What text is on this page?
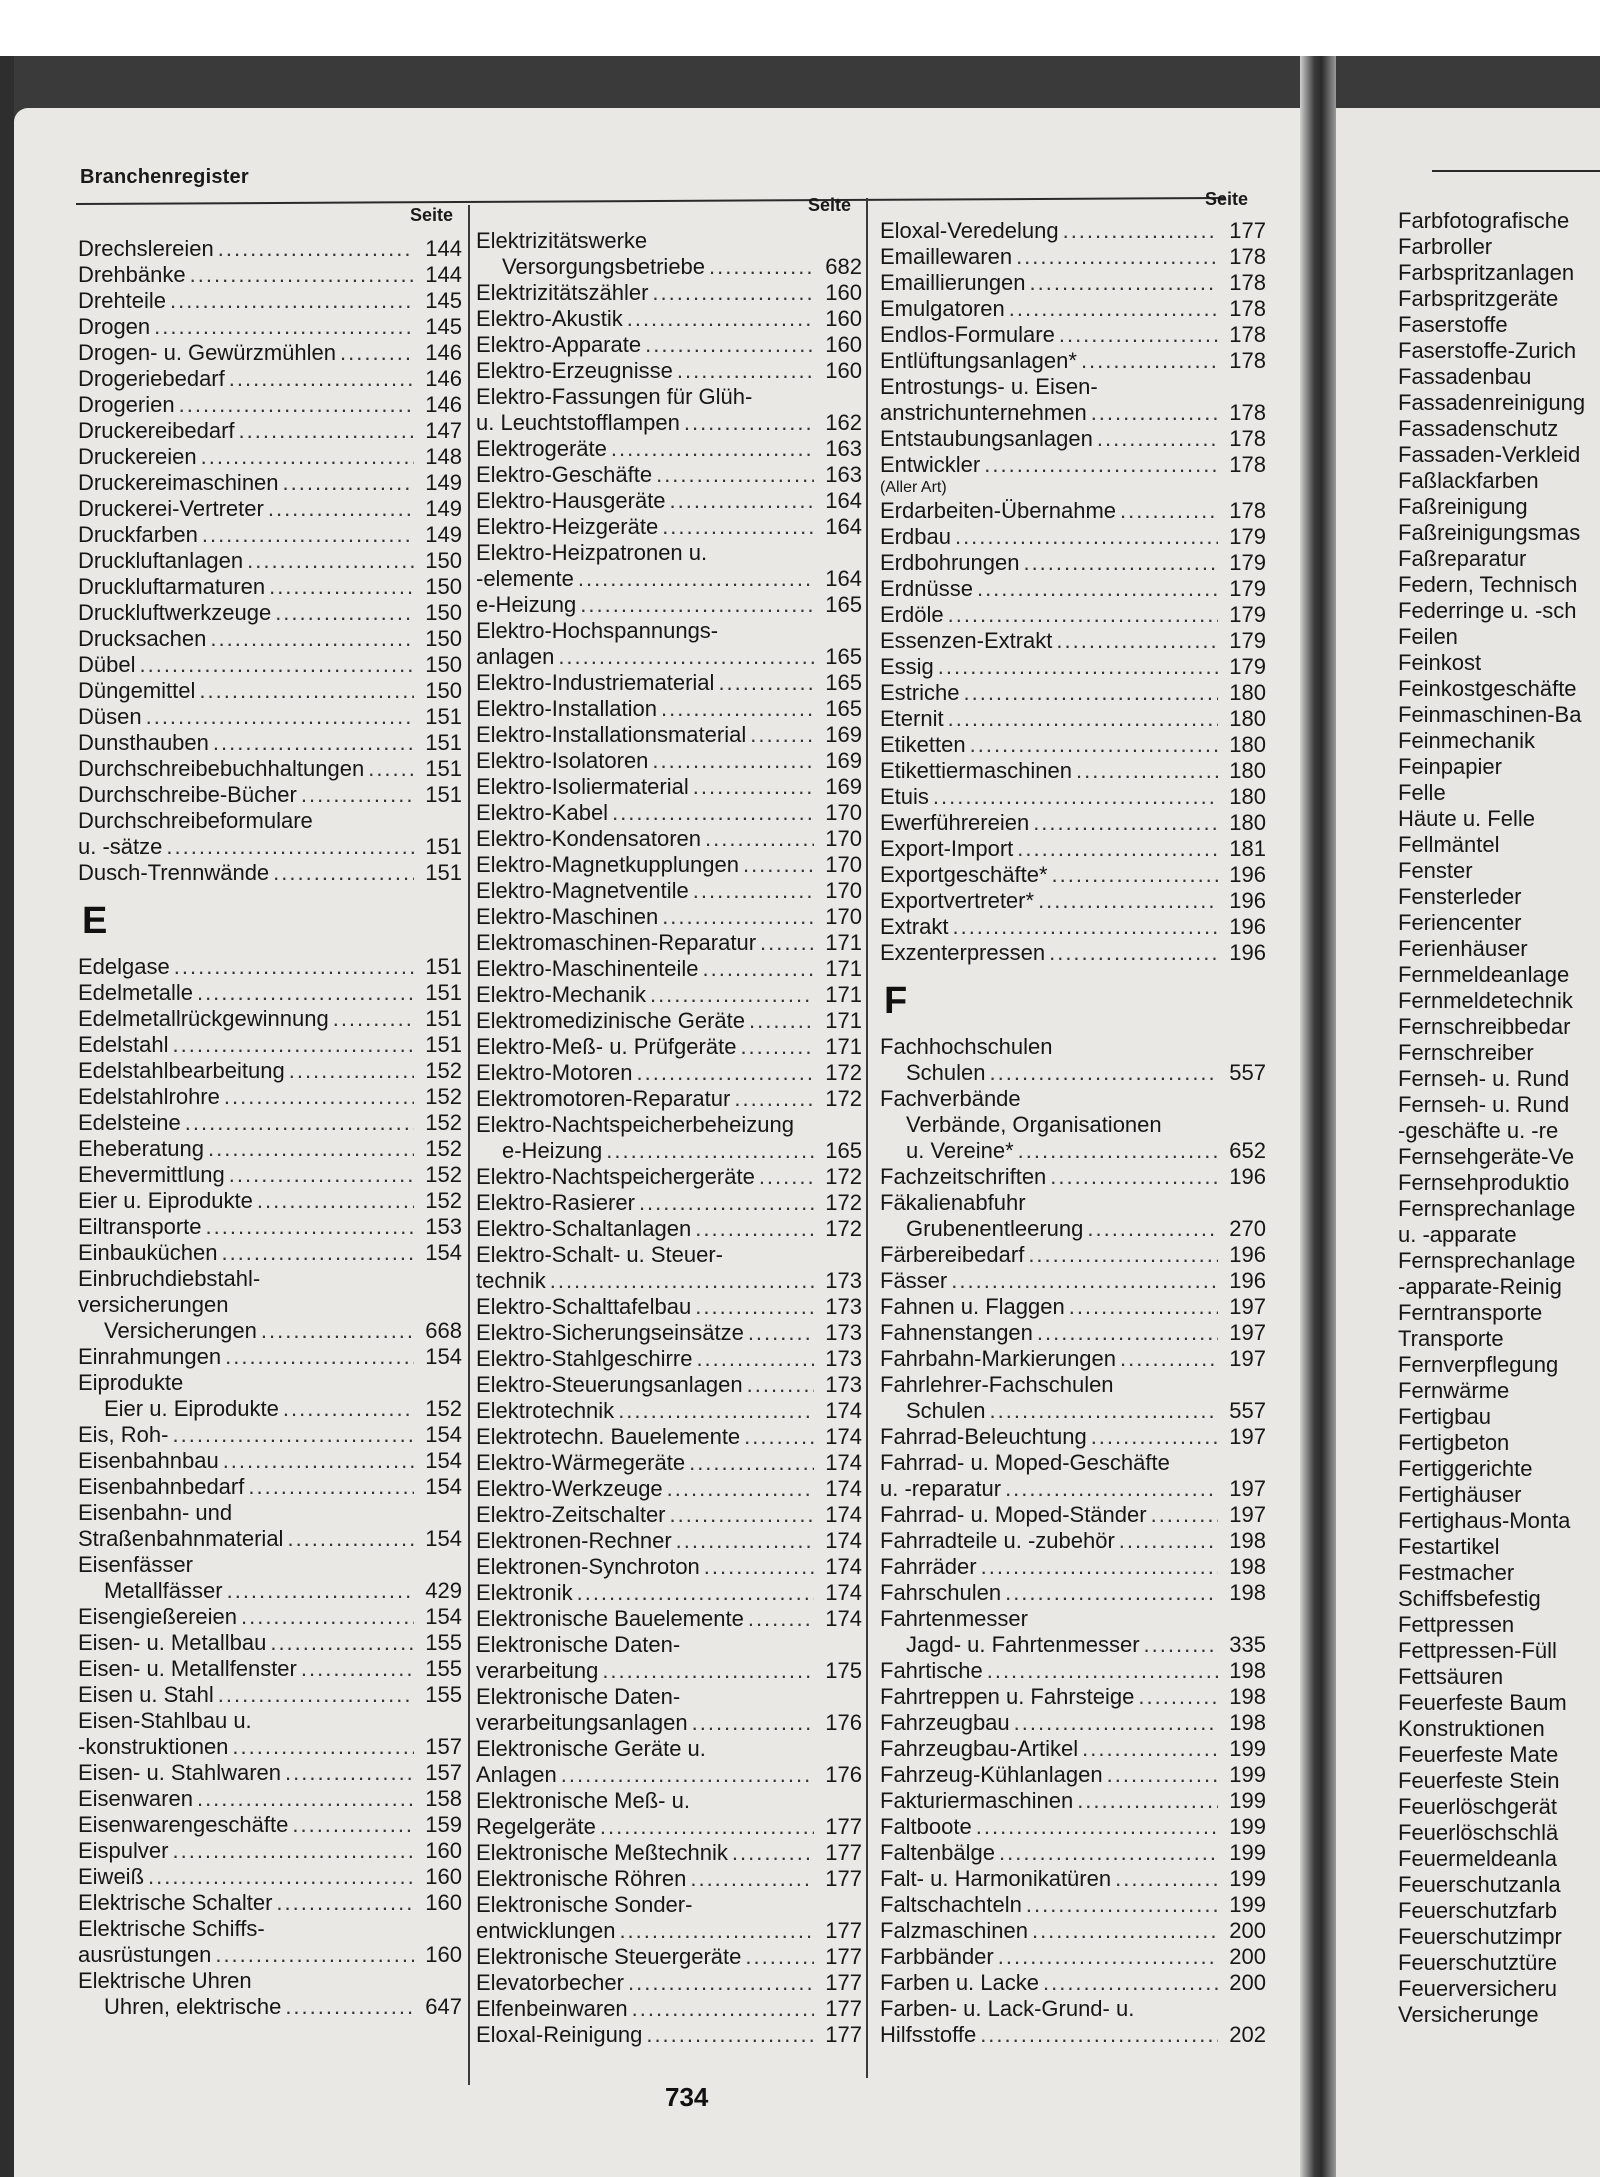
Branchenregister
Seite	Seite	Seite
Drechslereien .....	144
Drehbänke .....	144
Drehteile .....	145
Drogen .....	145
Drogen- u. Gewürzmühlen .....	146
Drogeriebedarf .....	146
Drogerien .....	146
Druckereibedarf .....	147
Druckereien .....	148
Druckereimaschinen .....	149
Druckerei-Vertreter .....	149
Druckfarben .....	149
Druckluftanlagen .....	150
Druckluftarmaturen .....	150
Druckluftwerkzeuge .....	150
Drucksachen .....	150
Dübel .....	150
Düngemittel .....	150
Düsen .....	151
Dunsthauben .....	151
Durchschreibebuchhaltungen .....	151
Durchschreibe-Bücher .....	151
Durchschreibeformulare
u. -sätze .....	151
Dusch-Trennwände .....	151
E
Edelgase .....	151
Edelmetalle .....	151
Edelmetallrückgewinnung .....	151
Edelstahl .....	151
Edelstahlbearbeitung .....	152
Edelstahlrohre .....	152
Edelsteine .....	152
Eheberatung .....	152
Ehevermittlung .....	152
Eier u. Eiprodukte .....	152
Eiltransporte .....	153
Einbauküchen .....	154
Einbruchdiebstahl-
versicherungen
Versicherungen .....	668
Einrahmungen .....	154
Eiprodukte
Eier u. Eiprodukte .....	152
Eis, Roh- .....	154
Eisenbahnbau .....	154
Eisenbahnbedarf .....	154
Eisenbahn- und
Straßenbahnmaterial .....	154
Eisenfässer
Metallfässer .....	429
Eisengießereien .....	154
Eisen- u. Metallbau .....	155
Eisen- u. Metallfenster .....	155
Eisen u. Stahl .....	155
Eisen-Stahlbau u.
-konstruktionen .....	157
Eisen- u. Stahlwaren .....	157
Eisenwaren .....	158
Eisenwarengeschäfte .....	159
Eispulver .....	160
Eiweiß .....	160
Elektrische Schalter .....	160
Elektrische Schiffs-
ausrüstungen .....	160
Elektrische Uhren
Uhren, elektrische .....	647
Elektrizitätswerke
Versorgungsbetriebe .....	682
Elektrizitätszähler .....	160
Elektro-Akustik .....	160
Elektro-Apparate .....	160
Elektro-Erzeugnisse .....	160
Elektro-Fassungen für Glüh-
u. Leuchtstofflampen .....	162
Elektrogeräte .....	163
Elektro-Geschäfte .....	163
Elektro-Hausgeräte .....	164
Elektro-Heizgeräte .....	164
Elektro-Heizpatronen u.
-elemente .....	164
e-Heizung .....	165
Elektro-Hochspannungs-
anlagen .....	165
Elektro-Industriematerial .....	165
Elektro-Installation .....	165
Elektro-Installationsmaterial .....	169
Elektro-Isolatoren .....	169
Elektro-Isoliermaterial .....	169
Elektro-Kabel .....	170
Elektro-Kondensatoren .....	170
Elektro-Magnetkupplungen .....	170
Elektro-Magnetventile .....	170
Elektro-Maschinen .....	170
Elektromaschinen-Reparatur .....	171
Elektro-Maschinenteile .....	171
Elektro-Mechanik .....	171
Elektromedizinische Geräte .....	171
Elektro-Meß- u. Prüfgeräte .....	171
Elektro-Motoren .....	172
Elektromotoren-Reparatur .....	172
Elektro-Nachtspeicherbeheizung
e-Heizung .....	165
Elektro-Nachtspeichergeräte .....	172
Elektro-Rasierer .....	172
Elektro-Schaltanlagen .....	172
Elektro-Schalt- u. Steuer-
technik .....	173
Elektro-Schalttafelbau .....	173
Elektro-Sicherungseinsätze .....	173
Elektro-Stahlgeschirre .....	173
Elektro-Steuerungsanlagen .....	173
Elektrotechnik .....	174
Elektrotechn. Bauelemente .....	174
Elektro-Wärmegeräte .....	174
Elektro-Werkzeuge .....	174
Elektro-Zeitschalter .....	174
Elektronen-Rechner .....	174
Elektronen-Synchroton .....	174
Elektronik .....	174
Elektronische Bauelemente .....	174
Elektronische Daten-
verarbeitung .....	175
Elektronische Daten-
verarbeitungsanlagen .....	176
Elektronische Geräte u.
Anlagen .....	176
Elektronische Meß- u.
Regelgeräte .....	177
Elektronische Meßtechnik .....	177
Elektronische Röhren .....	177
Elektronische Sonder-
entwicklungen .....	177
Elektronische Steuergeräte .....	177
Elevatorbecher .....	177
Elfenbeinwaren .....	177
Eloxal-Reinigung .....	177
Eloxal-Veredelung .....	177
Emaillewaren .....	178
Emaillierungen .....	178
Emulgatoren .....	178
Endlos-Formulare .....	178
Entlüftungsanlagen* .....	178
Entrostungs- u. Eisen-
anstrichunternehmen .....	178
Entstaubungsanlagen .....	178
Entwickler .....	178
(Aller Art)
Erdarbeiten-Übernahme .....	178
Erdbau .....	179
Erdbohrungen .....	179
Erdnüsse .....	179
Erdöle .....	179
Essenzen-Extrakt .....	179
Essig .....	179
Estriche .....	180
Eternit .....	180
Etiketten .....	180
Etikettiermaschinen .....	180
Etuis .....	180
Ewerführereien .....	180
Export-Import .....	181
Exportgeschäfte* .....	196
Exportvertreter* .....	196
Extrakt .....	196
Exzenterpressen .....	196
F
Fachhochschulen
Schulen .....	557
Fachverbände
Verbände, Organisationen
u. Vereine* .....	652
Fachzeitschriften .....	196
Fäkalienabfuhr
Grubenentleerung .....	270
Färbereibedarf .....	196
Fässer .....	196
Fahnen u. Flaggen .....	197
Fahnenstangen .....	197
Fahrbahn-Markierungen .....	197
Fahrlehrer-Fachschulen
Schulen .....	557
Fahrrad-Beleuchtung .....	197
Fahrrad- u. Moped-Geschäfte
u. -reparatur .....	197
Fahrrad- u. Moped-Ständer .....	197
Fahrradteile u. -zubehör .....	198
Fahrräder .....	198
Fahrschulen .....	198
Fahrtenmesser
Jagd- u. Fahrtenmesser .....	335
Fahrtische .....	198
Fahrtreppen u. Fahrsteige .....	198
Fahrzeugbau .....	198
Fahrzeugbau-Artikel .....	199
Fahrzeug-Kühlanlagen .....	199
Fakturiermaschinen .....	199
Faltboote .....	199
Faltenbälge .....	199
Falt- u. Harmonikatüren .....	199
Faltschachteln .....	199
Falzmaschinen .....	200
Farbbänder .....	200
Farben u. Lacke .....	200
Farben- u. Lack-Grund- u.
Hilfsstoffe .....	202
Farbfotografische
Farbroller
Farbspritzanlagen
Farbspritzgeräte
Faserstoffe
Faserstoffe-Zurich
Fassadenbau
Fassadenreinigung
Fassadenschutz
Fassaden-Verkleid
Faßlackfarben
Faßreinigung
Faßreinigungsmas
Faßreparatur
Federn, Technisch
Federringe u. -sch
Feilen
Feinkost
Feinkostgeschäfte
Feinmaschinen-Ba
Feinmechanik
Feinpapier
Felle
Häute u. Felle
Fellmäntel
Fenster
Fensterleder
Feriencenter
Ferienhäuser
Fernmeldeanlage
Fernmeldetechnik
Fernschreibbedar
Fernschreiber
Fernseh- u. Rund
Fernseh- u. Rund
-geschäfte u. -re
Fernsehgeräte-Ve
Fernsehproduktio
Fernsprechanlage
u. -apparate
Fernsprechanlage
-apparate-Reinig
Ferntransporte
Transporte
Fernverpflegung
Fernwärme
Fertigbau
Fertigbeton
Fertiggerichte
Fertighäuser
Fertighaus-Monta
Festartikel
Festmacher
Schiffsbefestig
Fettpressen
Fettpressen-Füll
Fettsäuren
Feuerfeste Baum
Konstruktionen
Feuerfeste Mate
Feuerfeste Stein
Feuerlöschgerät
Feuerlöschschlä
Feuermeldeanla
Feuerschutzanla
Feuerschutzfarb
Feuerschutzimpr
Feuerschutztüre
Feuerversicheru
Versicherunge
734
